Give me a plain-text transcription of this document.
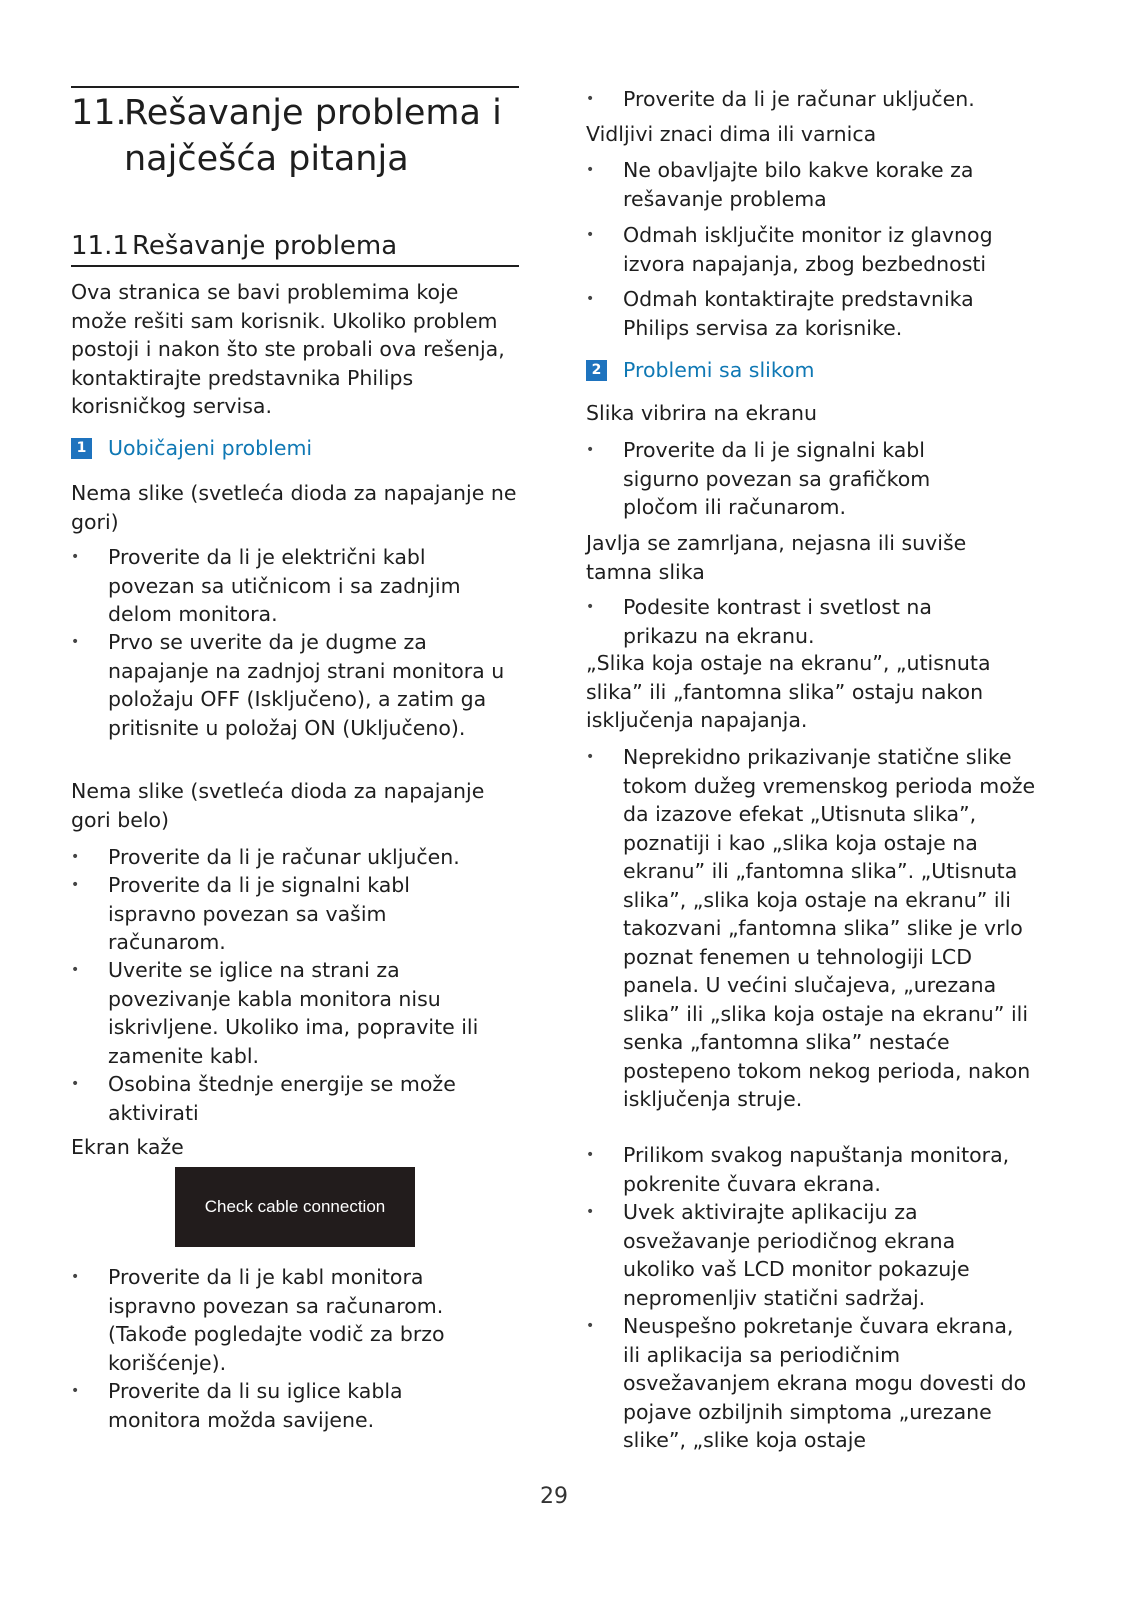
11.
Rešavanje problema i najčešća pitanja
11.1 Rešavanje problema
Ova stranica se bavi problemima koje može rešiti sam korisnik. Ukoliko problem postoji i nakon što ste probali ova rešenja, kontaktirajte predstavnika Philips korisničkog servisa.
1 Uobičajeni problemi
Nema slike (svetleća dioda za napajanje ne gori)
• Proverite da li je električni kabl povezan sa utičnicom i sa zadnjim delom monitora.
• Prvo se uverite da je dugme za napajanje na zadnjoj strani monitora u položaju OFF (Isključeno), a zatim ga pritisnite u položaj ON (Uključeno).
Nema slike (svetleća dioda za napajanje gori belo)
• Proverite da li je računar uključen.
• Proverite da li je signalni kabl ispravno povezan sa vašim računarom.
• Uverite se iglice na strani za povezivanje kabla monitora nisu iskrivljene. Ukoliko ima, popravite ili zamenite kabl.
• Osobina štednje energije se može aktivirati
Ekran kaže
Check cable connection
• Proverite da li je kabl monitora ispravno povezan sa računarom. (Takođe pogledajte vodič za brzo korišćenje).
• Proverite da li su iglice kabla monitora možda savijene.
• Proverite da li je računar uključen.
Vidljivi znaci dima ili varnica
• Ne obavljajte bilo kakve korake za rešavanje problema
• Odmah isključite monitor iz glavnog izvora napajanja, zbog bezbednosti
• Odmah kontaktirajte predstavnika Philips servisa za korisnike.
2 Problemi sa slikom
Slika vibrira na ekranu
• Proverite da li je signalni kabl sigurno povezan sa grafičkom pločom ili računarom.
Javlja se zamrljana, nejasna ili suviše tamna slika
• Podesite kontrast i svetlost na prikazu na ekranu.
„Slika koja ostaje na ekranu”, „utisnuta slika” ili „fantomna slika” ostaju nakon isključenja napajanja.
• Neprekidno prikazivanje statične slike tokom dužeg vremenskog perioda može da izazove efekat „Utisnuta slika”, poznatiji i kao „slika koja ostaje na ekranu” ili „fantomna slika”. „Utisnuta slika”, „slika koja ostaje na ekranu” ili takozvani „fantomna slika” slike je vrlo poznat fenemen u tehnologiji LCD panela. U većini slučajeva, „urezana slika” ili „slika koja ostaje na ekranu” ili senka „fantomna slika” nestaće postepeno tokom nekog perioda, nakon isključenja struje.
• Prilikom svakog napuštanja monitora, pokrenite čuvara ekrana.
• Uvek aktivirajte aplikaciju za osvežavanje periodičnog ekrana ukoliko vaš LCD monitor pokazuje nepromenljiv statični sadržaj.
• Neuspešno pokretanje čuvara ekrana, ili aplikacija sa periodičnim osvežavanjem ekrana mogu dovesti do pojave ozbiljnih simptoma „urezane slike”, „slike koja ostaje
29
